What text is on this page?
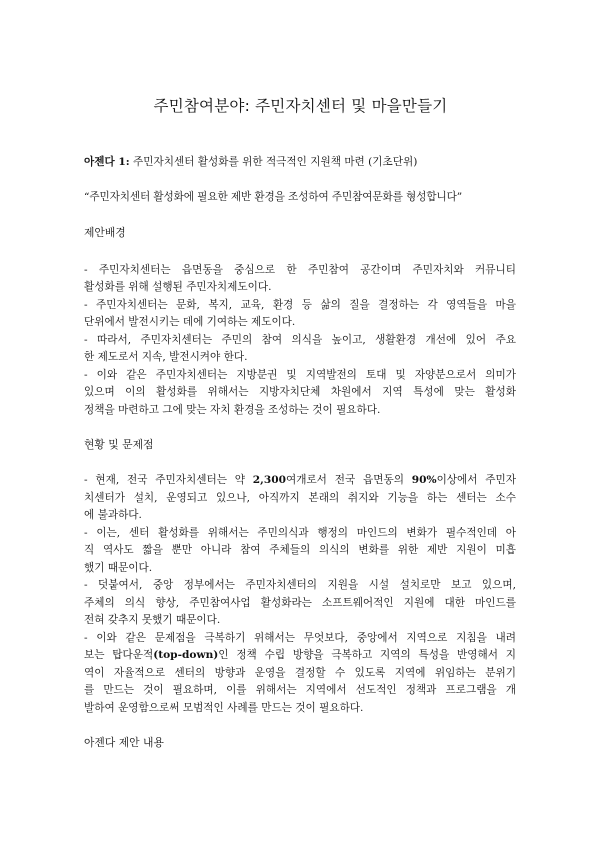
주민참여분야: 주민자치센터 및 마을만들기
아젠다 1: 주민자치센터 활성화를 위한 적극적인 지원책 마련 (기초단위)
“주민자치센터 활성화에 필요한 제반 환경을 조성하여 주민참여문화를 형성합니다”
제안배경
- 주민자치센터는 읍면동을 중심으로 한 주민참여 공간이며 주민자치와 커뮤니티
활성화를 위해 설행된 주민자치제도이다.
- 주민자치센터는 문화, 복지, 교육, 환경 등 삶의 질을 결정하는 각 영역들을 마을
단위에서 발전시키는 데에 기여하는 제도이다.
- 따라서, 주민자치센터는 주민의 참여 의식을 높이고, 생활환경 개선에 있어 주요
한 제도로서 지속, 발전시켜야 한다.
- 이와 같은 주민자치센터는 지방분권 및 지역발전의 토대 및 자양분으로서 의미가
있으며 이의 활성화를 위해서는 지방자치단체 차원에서 지역 특성에 맞는 활성화
정책을 마련하고 그에 맞는 자치 환경을 조성하는 것이 필요하다.
현황 및 문제점
- 현재, 전국 주민자치센터는 약 2,300여개로서 전국 읍면동의 90%이상에서 주민자
치센터가 설치, 운영되고 있으나, 아직까지 본래의 취지와 기능을 하는 센터는 소수
에 불과하다.
- 이는, 센터 활성화를 위해서는 주민의식과 행정의 마인드의 변화가 필수적인데 아
직 역사도 짧을 뿐만 아니라 참여 주체들의 의식의 변화를 위한 제반 지원이 미흡
했기 때문이다.
- 덧붙여서, 중앙 정부에서는 주민자치센터의 지원을 시설 설치로만 보고 있으며,
주체의 의식 향상, 주민참여사업 활성화라는 소프트웨어적인 지원에 대한 마인드를
전혀 갖추지 못했기 때문이다.
- 이와 같은 문제점을 극복하기 위해서는 무엇보다, 중앙에서 지역으로 지침을 내려
보는 탑다운적(top-down)인 정책 수립 방향을 극복하고 지역의 특성을 반영해서 지
역이 자율적으로 센터의 방향과 운영을 결정할 수 있도록 지역에 위임하는 분위기
를 만드는 것이 필요하며, 이를 위해서는 지역에서 선도적인 정책과 프로그램을 개
발하여 운영함으로써 모범적인 사례를 만드는 것이 필요하다.
아젠다 제안 내용
